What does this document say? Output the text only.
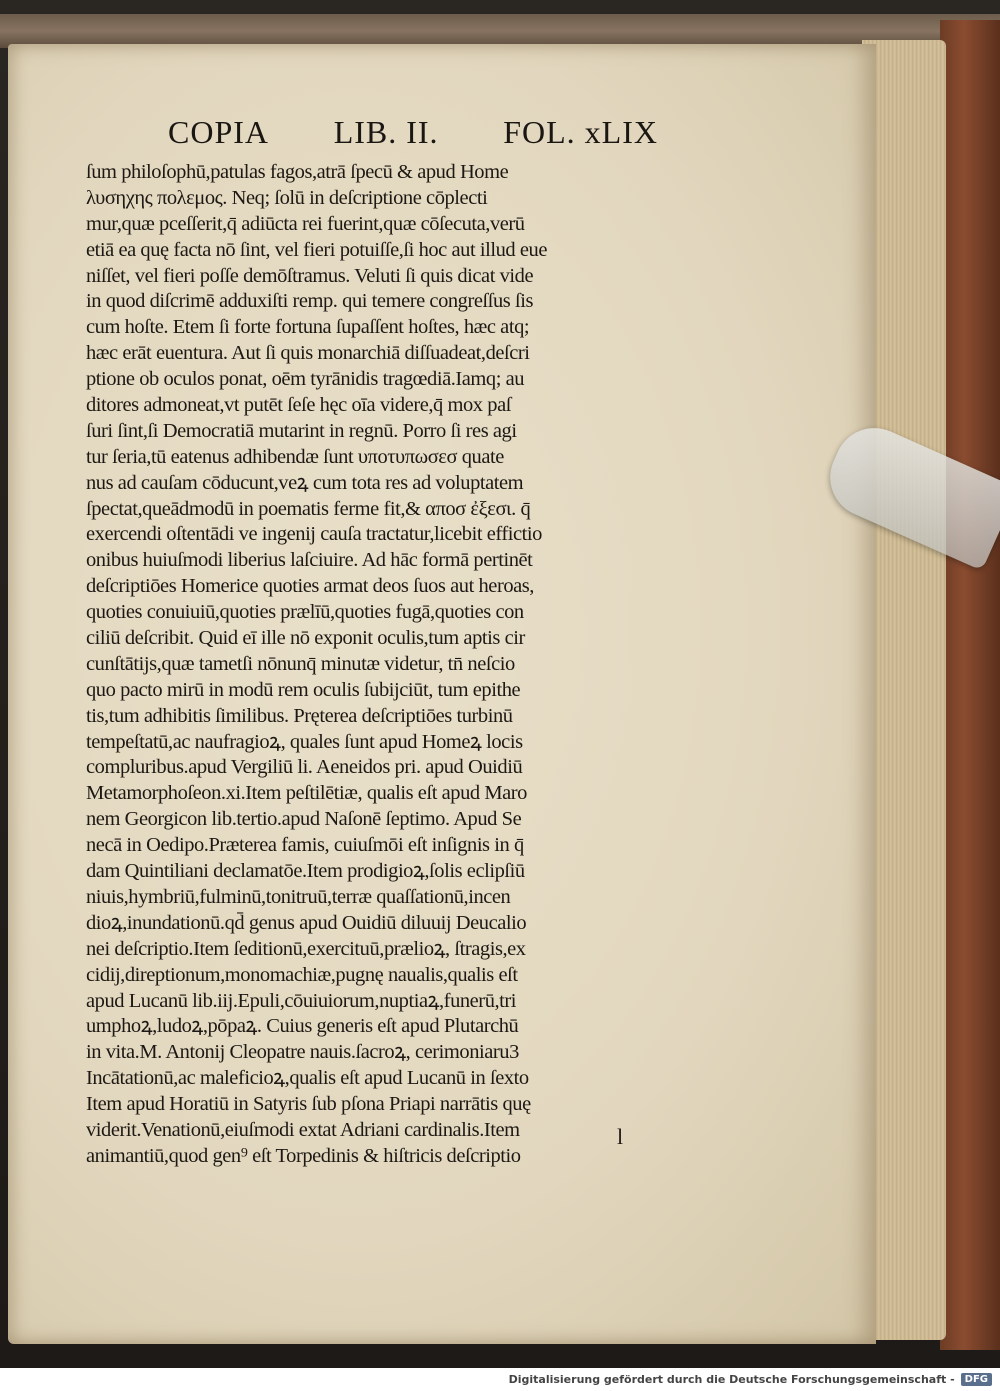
COPIA LIB. II. FOL. xLIX
ſum philoſophū,patulas fagos,atrā ſpecū & apud Home
λυσηχης πολεμος. Neq; ſolū in deſcriptione cōplecti
mur,quæ pceſſerit,q̄ adiūcta rei fuerint,quæ cōſecuta,verū
etiā ea quę facta nō ſint, vel fieri potuiſſe,ſi hoc aut illud eue
niſſet, vel fieri poſſe demōſtramus. Veluti ſi quis dicat vide
in quod diſcrimē adduxiſti remp. qui temere congreſſus ſis
cum hoſte. Etem ſi forte fortuna ſupaſſent hoſtes, hæc atq;
hæc erāt euentura. Aut ſi quis monarchiā diſſuadeat,deſcri
ptione ob oculos ponat, oēm tyrānidis tragœdiā.Iamq; au
ditores admoneat,vt putēt ſeſe hęc oīa videre,q̄ mox paſ
ſuri ſint,ſi Democratiā mutarint in regnū. Porro ſi res agi
tur ſeria,tū eatenus adhibendæ ſunt υποτυπωσεσ quate
nus ad cauſam cōducunt,veꝝ cum tota res ad voluptatem
ſpectat,queādmodū in poematis ferme fit,& αποσ ἐξεσι. q̄
exercendi oſtentādi ve ingenij cauſa tractatur,licebit effictio
onibus huiuſmodi liberius laſciuire. Ad hāc formā pertinēt
deſcriptiōes Homerice quoties armat deos ſuos aut heroas,
quoties conuiuiū,quoties prælīū,quoties fugā,quoties con
ciliū deſcribit. Quid eī ille nō exponit oculis,tum aptis cir
cunſtātijs,quæ tametſi nōnunq̄ minutæ videtur, tn̄ neſcio
quo pacto mirū in modū rem oculis ſubijciūt, tum epithe
tis,tum adhibitis ſimilibus. Pręterea deſcriptiōes turbinū
tempeſtatū,ac naufragioꝝ, quales ſunt apud Homeꝝ locis
compluribus.apud Vergiliū li. Aeneidos pri. apud Ouidiū
Metamorphoſeon.xi.Item peſtilētiæ, qualis eſt apud Maro
nem Georgicon lib.tertio.apud Naſonē ſeptimo. Apud Se
necā in Oedipo.Præterea famis, cuiuſmōi eſt inſignis in q̄
dam Quintiliani declamatōe.Item prodigioꝝ,ſolis eclipſiū
niuis,hymbriū,fulminū,tonitruū,terræ quaſſationū,incen
dioꝝ,inundationū.qd̄ genus apud Ouidiū diluuij Deucalio
nei deſcriptio.Item ſeditionū,exercituū,prælioꝝ, ſtragis,ex
cidij,direptionum,monomachiæ,pugnę naualis,qualis eſt
apud Lucanū lib.iij.Epuli,cōuiuiorum,nuptiaꝝ,funerū,tri
umphoꝝ,ludoꝝ,pōpaꝝ. Cuius generis eſt apud Plutarchū
in vita.M. Antonij Cleopatre nauis.ſacroꝝ, cerimoniaru3
Incātationū,ac maleficioꝝ,qualis eſt apud Lucanū in ſexto
Item apud Horatiū in Satyris ſub pſona Priapi narrātis quę
viderit.Venationū,eiuſmodi extat Adriani cardinalis.Item
animantiū,quod gen⁹ eſt Torpedinis & hiſtricis deſcriptio
l
Digitalisierung gefördert durch die Deutsche Forschungsgemeinschaft -	DFG
